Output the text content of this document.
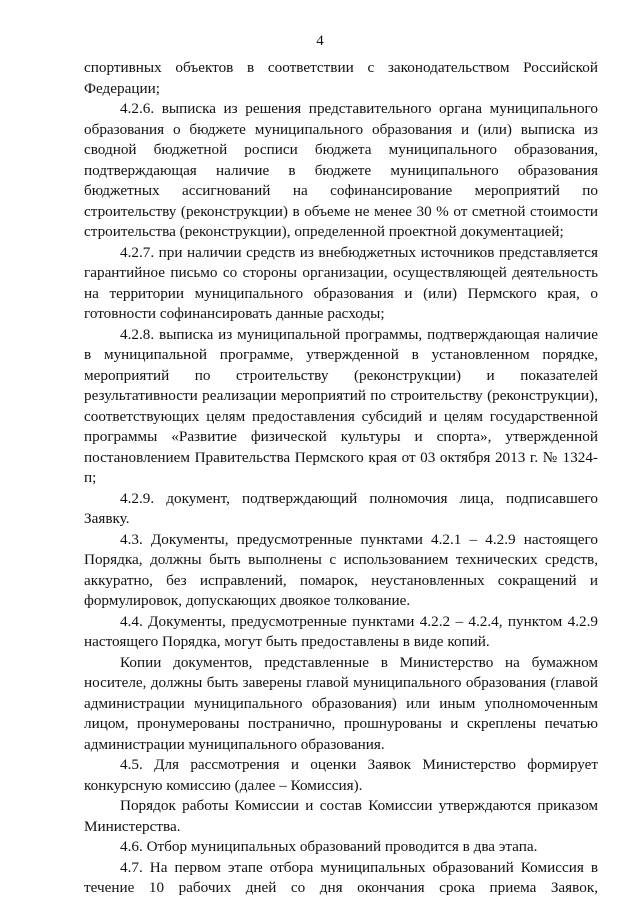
4

спортивных объектов в соответствии с законодательством Российской Федерации;

4.2.6. выписка из решения представительного органа муниципального образования о бюджете муниципального образования и (или) выписка из сводной бюджетной росписи бюджета муниципального образования, подтверждающая наличие в бюджете муниципального образования бюджетных ассигнований на софинансирование мероприятий по строительству (реконструкции) в объеме не менее 30 % от сметной стоимости строительства (реконструкции), определенной проектной документацией;

4.2.7. при наличии средств из внебюджетных источников представляется гарантийное письмо со стороны организации, осуществляющей деятельность на территории муниципального образования и (или) Пермского края, о готовности софинансировать данные расходы;

4.2.8. выписка из муниципальной программы, подтверждающая наличие в муниципальной программе, утвержденной в установленном порядке, мероприятий по строительству (реконструкции) и показателей результативности реализации мероприятий по строительству (реконструкции), соответствующих целям предоставления субсидий и целям государственной программы «Развитие физической культуры и спорта», утвержденной постановлением Правительства Пермского края от 03 октября 2013 г. № 1324-п;

4.2.9. документ, подтверждающий полномочия лица, подписавшего Заявку.

4.3. Документы, предусмотренные пунктами 4.2.1 – 4.2.9 настоящего Порядка, должны быть выполнены с использованием технических средств, аккуратно, без исправлений, помарок, неустановленных сокращений и формулировок, допускающих двоякое толкование.

4.4. Документы, предусмотренные пунктами 4.2.2 – 4.2.4, пунктом 4.2.9 настоящего Порядка, могут быть предоставлены в виде копий.

Копии документов, представленные в Министерство на бумажном носителе, должны быть заверены главой муниципального образования (главой администрации муниципального образования) или иным уполномоченным лицом, пронумерованы постранично, прошнурованы и скреплены печатью администрации муниципального образования.

4.5. Для рассмотрения и оценки Заявок Министерство формирует конкурсную комиссию (далее – Комиссия).

Порядок работы Комиссии и состав Комиссии утверждаются приказом Министерства.

4.6. Отбор муниципальных образований проводится в два этапа.

4.7. На первом этапе отбора муниципальных образований Комиссия в течение 10 рабочих дней со дня окончания срока приема Заявок,
